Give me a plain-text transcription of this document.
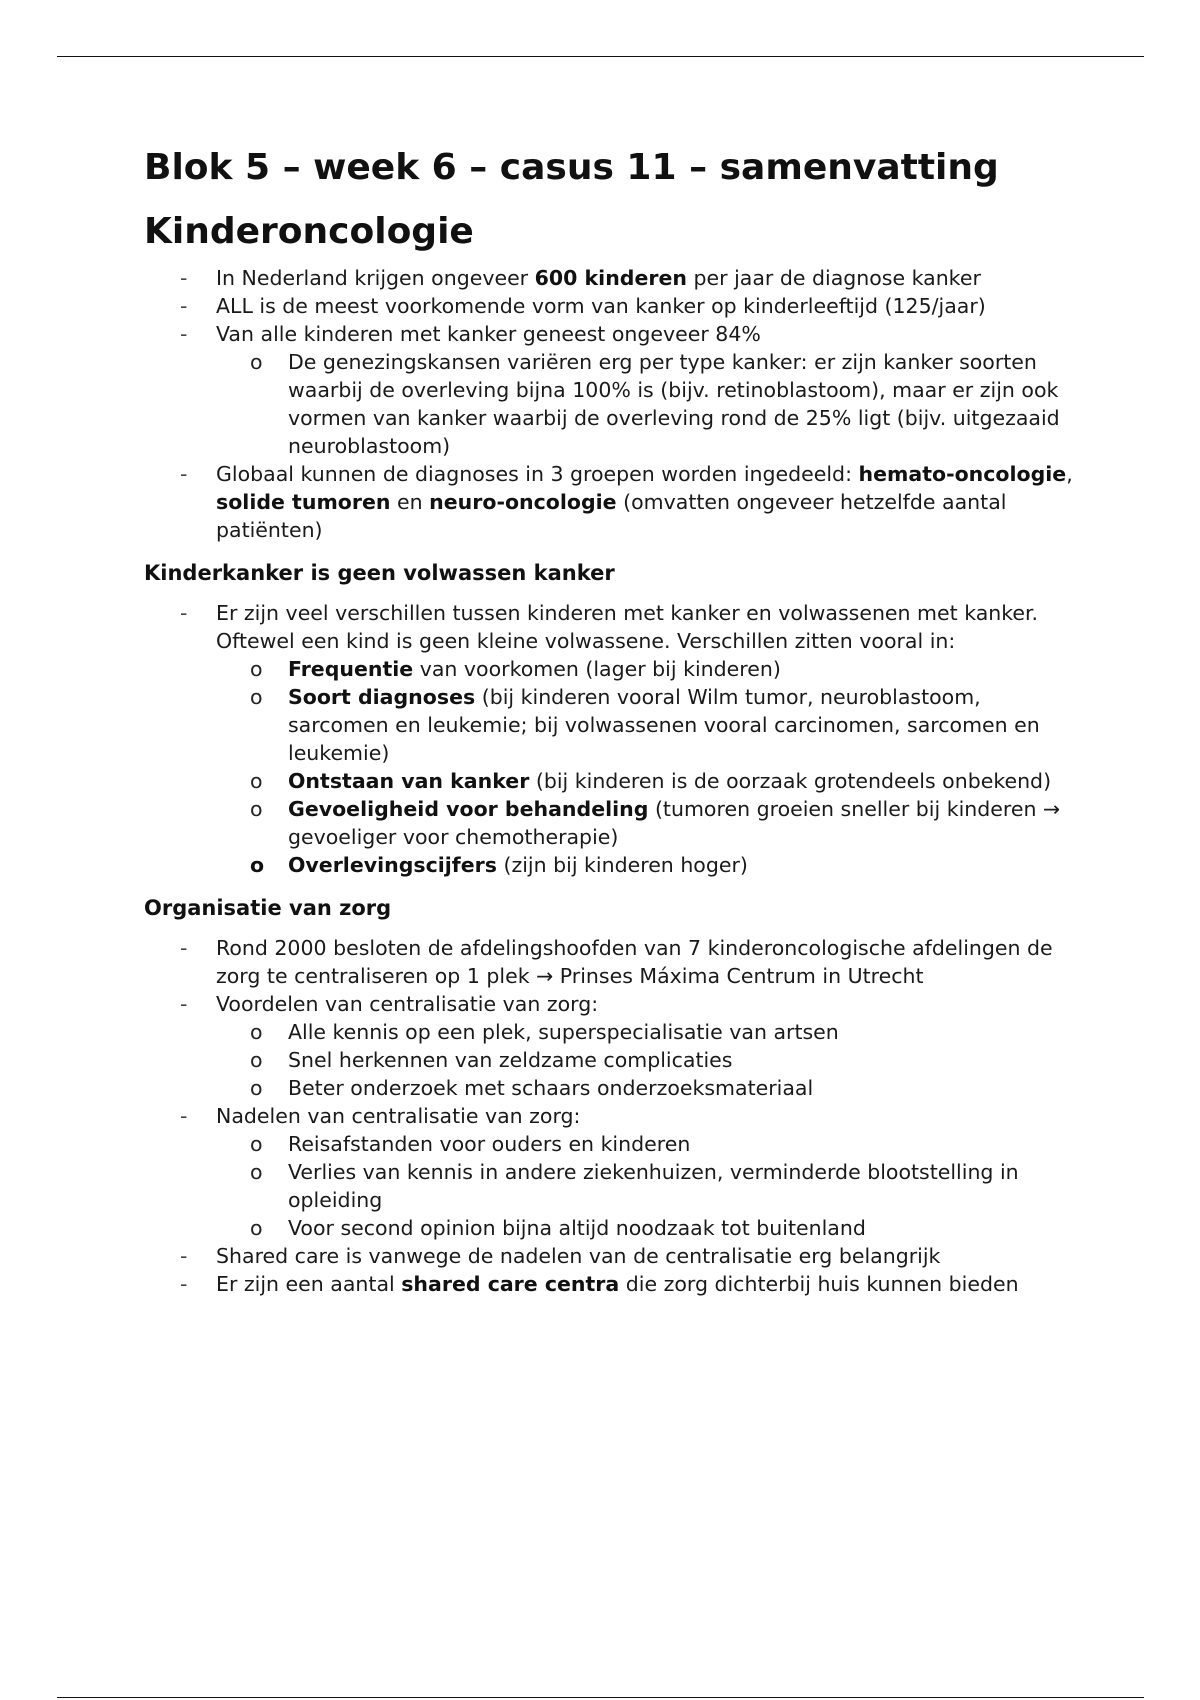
Blok 5 – week 6 – casus 11 – samenvatting
Kinderoncologie
- In Nederland krijgen ongeveer 600 kinderen per jaar de diagnose kanker
- ALL is de meest voorkomende vorm van kanker op kinderleeftijd (125/jaar)
- Van alle kinderen met kanker geneest ongeveer 84%
o De genezingskansen variëren erg per type kanker: er zijn kanker soorten waarbij de overleving bijna 100% is (bijv. retinoblastoom), maar er zijn ook vormen van kanker waarbij de overleving rond de 25% ligt (bijv. uitgezaaid neuroblastoom)
- Globaal kunnen de diagnoses in 3 groepen worden ingedeeld: hemato-oncologie, solide tumoren en neuro-oncologie (omvatten ongeveer hetzelfde aantal patiënten)
Kinderkanker is geen volwassen kanker
- Er zijn veel verschillen tussen kinderen met kanker en volwassenen met kanker. Oftewel een kind is geen kleine volwassene. Verschillen zitten vooral in:
o Frequentie van voorkomen (lager bij kinderen)
o Soort diagnoses (bij kinderen vooral Wilm tumor, neuroblastoom, sarcomen en leukemie; bij volwassenen vooral carcinomen, sarcomen en leukemie)
o Ontstaan van kanker (bij kinderen is de oorzaak grotendeels onbekend)
o Gevoeligheid voor behandeling (tumoren groeien sneller bij kinderen → gevoeliger voor chemotherapie)
o Overlevingscijfers (zijn bij kinderen hoger)
Organisatie van zorg
- Rond 2000 besloten de afdelingshoofden van 7 kinderoncologische afdelingen de zorg te centraliseren op 1 plek → Prinses Máxima Centrum in Utrecht
- Voordelen van centralisatie van zorg:
o Alle kennis op een plek, superspecialisatie van artsen
o Snel herkennen van zeldzame complicaties
o Beter onderzoek met schaars onderzoeksmateriaal
- Nadelen van centralisatie van zorg:
o Reisafstanden voor ouders en kinderen
o Verlies van kennis in andere ziekenhuizen, verminderde blootstelling in opleiding
o Voor second opinion bijna altijd noodzaak tot buitenland
- Shared care is vanwege de nadelen van de centralisatie erg belangrijk
- Er zijn een aantal shared care centra die zorg dichterbij huis kunnen bieden
